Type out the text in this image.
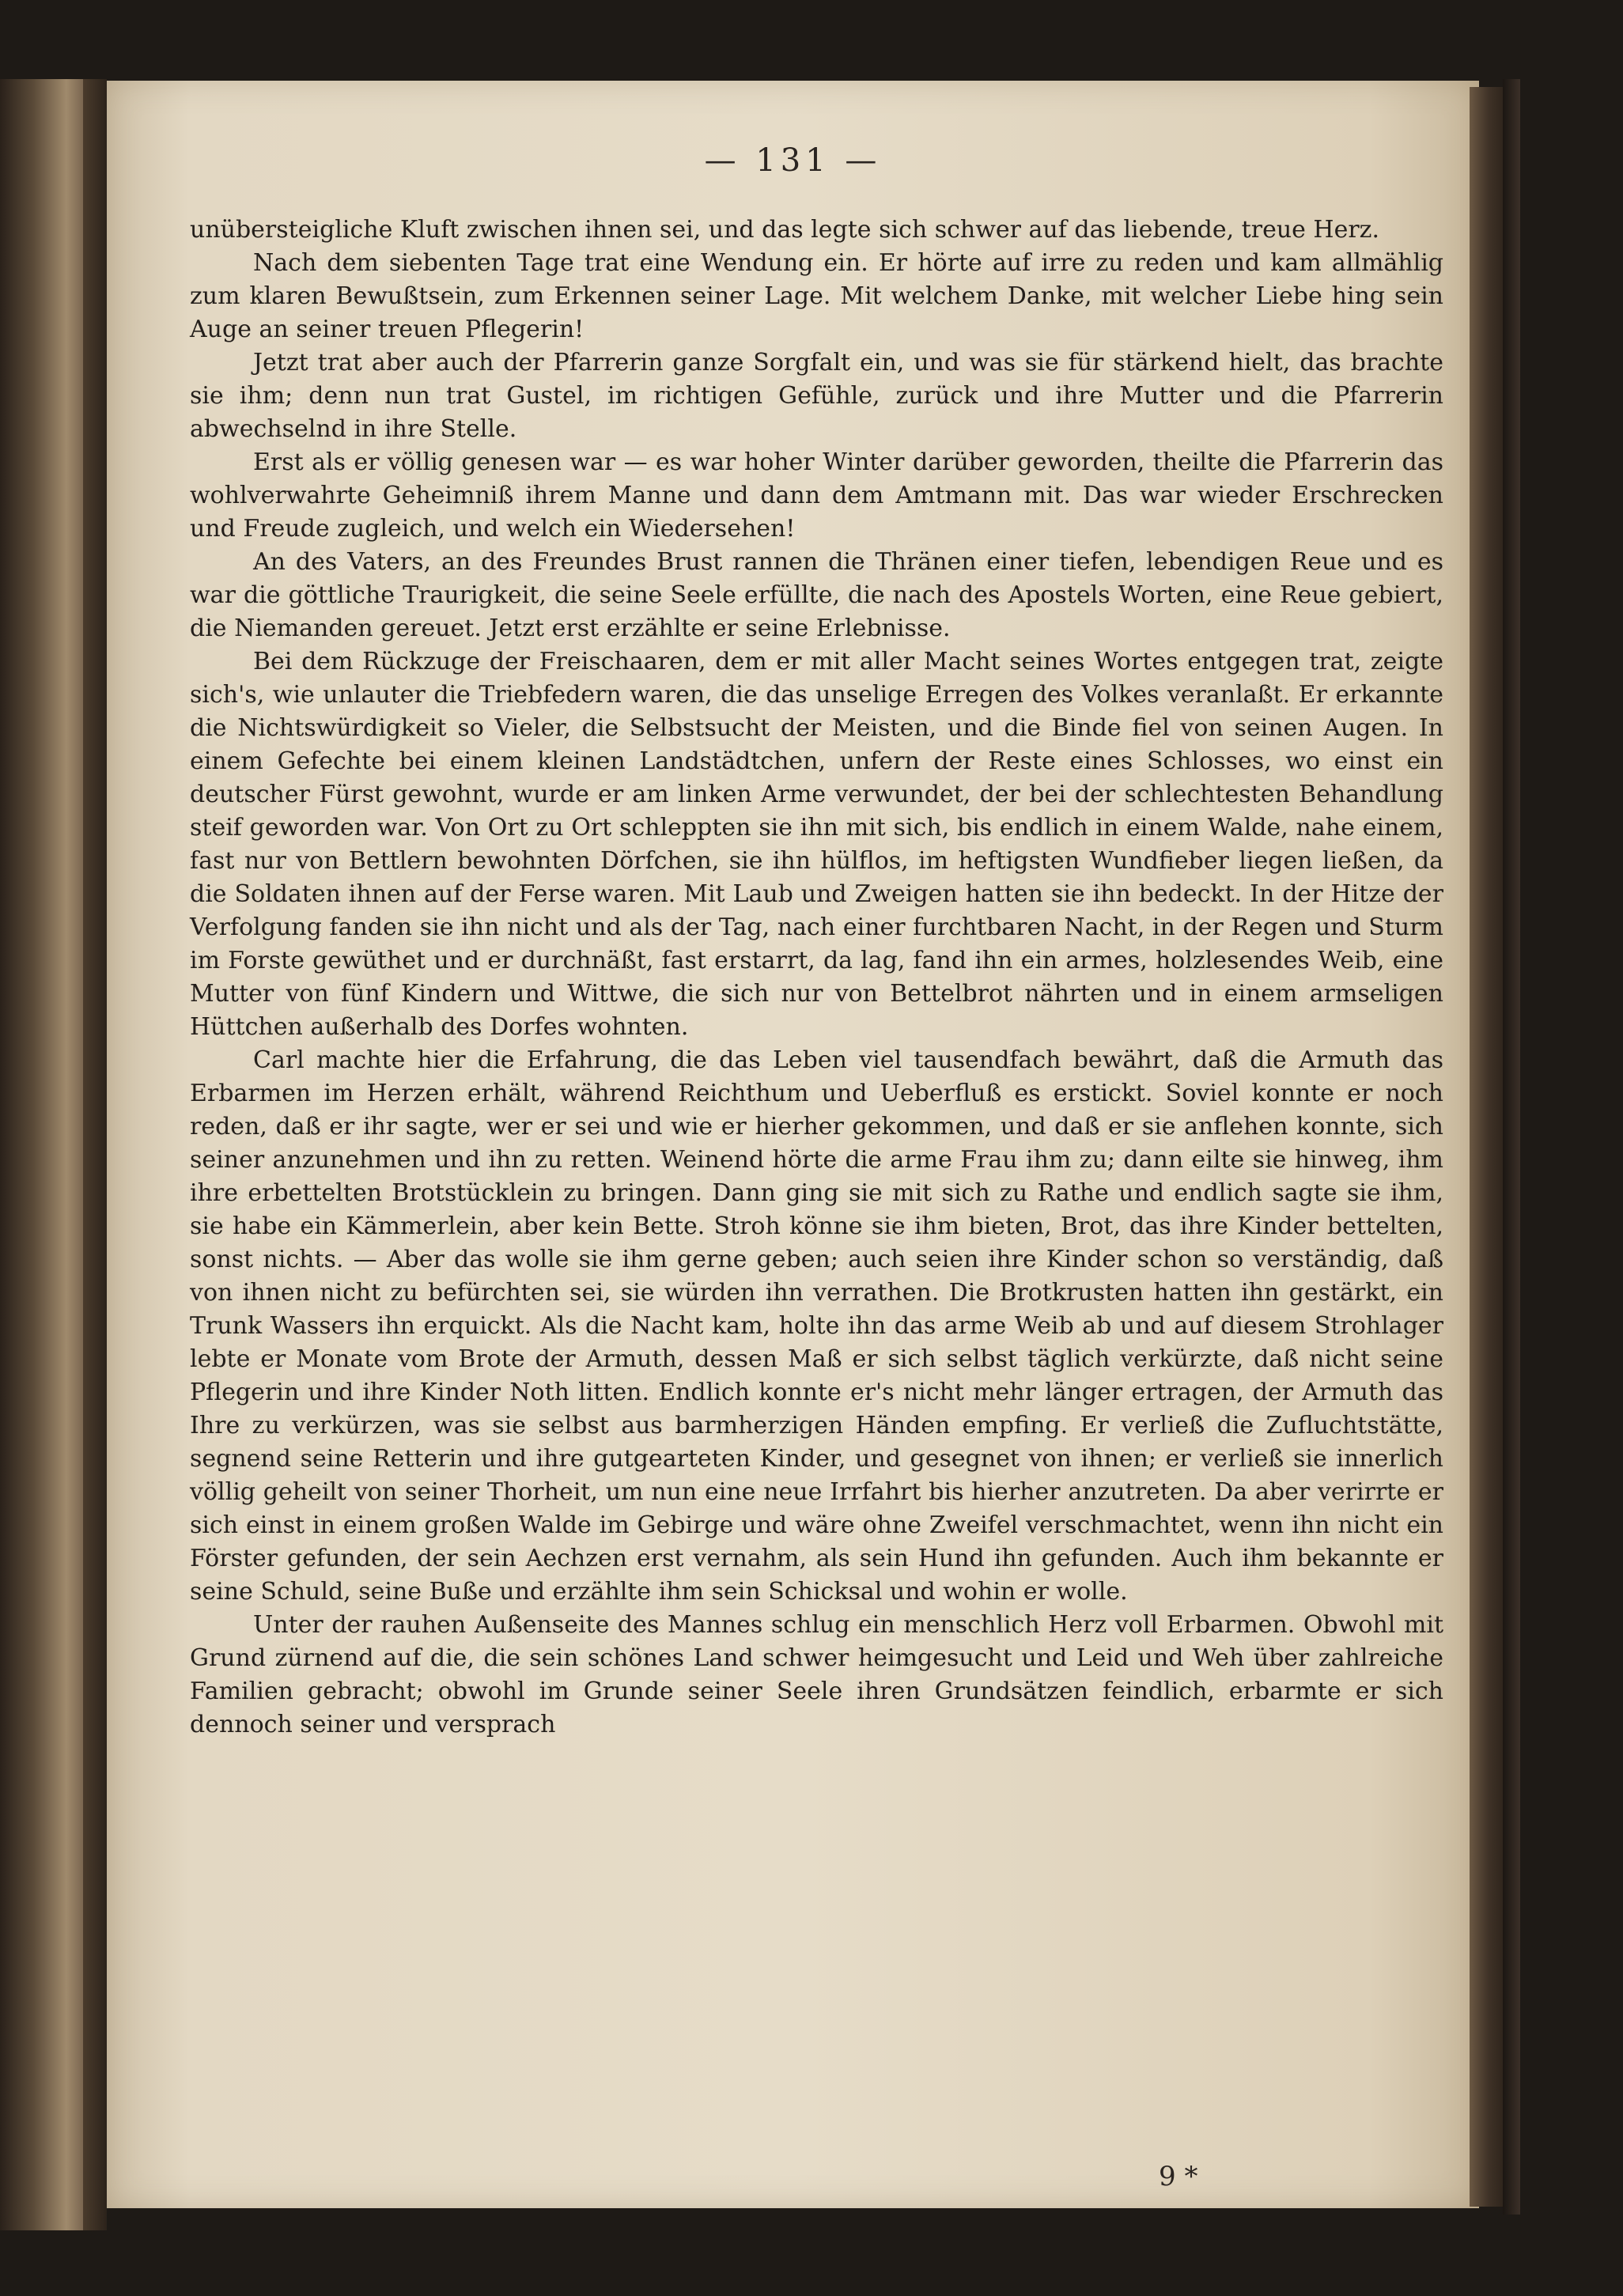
— 131 —

unübersteigliche Kluft zwischen ihnen sei, und das legte sich schwer auf das liebende, treue Herz.

Nach dem siebenten Tage trat eine Wendung ein. Er hörte auf irre zu reden und kam allmählig zum klaren Bewußtsein, zum Erkennen seiner Lage. Mit welchem Danke, mit welcher Liebe hing sein Auge an seiner treuen Pflegerin!

Jetzt trat aber auch der Pfarrerin ganze Sorgfalt ein, und was sie für stärkend hielt, das brachte sie ihm; denn nun trat Gustel, im richtigen Gefühle, zurück und ihre Mutter und die Pfarrerin abwechselnd in ihre Stelle.

Erst als er völlig genesen war — es war hoher Winter darüber geworden, theilte die Pfarrerin das wohlverwahrte Geheimniß ihrem Manne und dann dem Amtmann mit. Das war wieder Erschrecken und Freude zugleich, und welch ein Wiedersehen!

An des Vaters, an des Freundes Brust rannen die Thränen einer tiefen, lebendigen Reue und es war die göttliche Traurigkeit, die seine Seele erfüllte, die nach des Apostels Worten, eine Reue gebiert, die Niemanden gereuet. Jetzt erst erzählte er seine Erlebnisse.

Bei dem Rückzuge der Freischaaren, dem er mit aller Macht seines Wortes entgegen trat, zeigte sich's, wie unlauter die Triebfedern waren, die das unselige Erregen des Volkes veranlaßt. Er erkannte die Nichtswürdigkeit so Vieler, die Selbstsucht der Meisten, und die Binde fiel von seinen Augen. In einem Gefechte bei einem kleinen Landstädtchen, unfern der Reste eines Schlosses, wo einst ein deutscher Fürst gewohnt, wurde er am linken Arme verwundet, der bei der schlechtesten Behandlung steif geworden war. Von Ort zu Ort schleppten sie ihn mit sich, bis endlich in einem Walde, nahe einem, fast nur von Bettlern bewohnten Dörfchen, sie ihn hülflos, im heftigsten Wundfieber liegen ließen, da die Soldaten ihnen auf der Ferse waren. Mit Laub und Zweigen hatten sie ihn bedeckt. In der Hitze der Verfolgung fanden sie ihn nicht und als der Tag, nach einer furchtbaren Nacht, in der Regen und Sturm im Forste gewüthet und er durchnäßt, fast erstarrt, da lag, fand ihn ein armes, holzlesendes Weib, eine Mutter von fünf Kindern und Wittwe, die sich nur von Bettelbrot nährten und in einem armseligen Hüttchen außerhalb des Dorfes wohnten.

Carl machte hier die Erfahrung, die das Leben viel tausendfach bewährt, daß die Armuth das Erbarmen im Herzen erhält, während Reichthum und Ueberfluß es erstickt. Soviel konnte er noch reden, daß er ihr sagte, wer er sei und wie er hierher gekommen, und daß er sie anflehen konnte, sich seiner anzunehmen und ihn zu retten. Weinend hörte die arme Frau ihm zu; dann eilte sie hinweg, ihm ihre erbettelten Brotstücklein zu bringen. Dann ging sie mit sich zu Rathe und endlich sagte sie ihm, sie habe ein Kämmerlein, aber kein Bette. Stroh könne sie ihm bieten, Brot, das ihre Kinder bettelten, sonst nichts. — Aber das wolle sie ihm gerne geben; auch seien ihre Kinder schon so verständig, daß von ihnen nicht zu befürchten sei, sie würden ihn verrathen. Die Brotkrusten hatten ihn gestärkt, ein Trunk Wassers ihn erquickt. Als die Nacht kam, holte ihn das arme Weib ab und auf diesem Strohlager lebte er Monate vom Brote der Armuth, dessen Maß er sich selbst täglich verkürzte, daß nicht seine Pflegerin und ihre Kinder Noth litten. Endlich konnte er's nicht mehr länger ertragen, der Armuth das Ihre zu verkürzen, was sie selbst aus barmherzigen Händen empfing. Er verließ die Zufluchtstätte, segnend seine Retterin und ihre gutgearteten Kinder, und gesegnet von ihnen; er verließ sie innerlich völlig geheilt von seiner Thorheit, um nun eine neue Irrfahrt bis hierher anzutreten. Da aber verirrte er sich einst in einem großen Walde im Gebirge und wäre ohne Zweifel verschmachtet, wenn ihn nicht ein Förster gefunden, der sein Aechzen erst vernahm, als sein Hund ihn gefunden. Auch ihm bekannte er seine Schuld, seine Buße und erzählte ihm sein Schicksal und wohin er wolle.

Unter der rauhen Außenseite des Mannes schlug ein menschlich Herz voll Erbarmen. Obwohl mit Grund zürnend auf die, die sein schönes Land schwer heimgesucht und Leid und Weh über zahlreiche Familien gebracht; obwohl im Grunde seiner Seele ihren Grundsätzen feindlich, erbarmte er sich dennoch seiner und versprach

9 *
